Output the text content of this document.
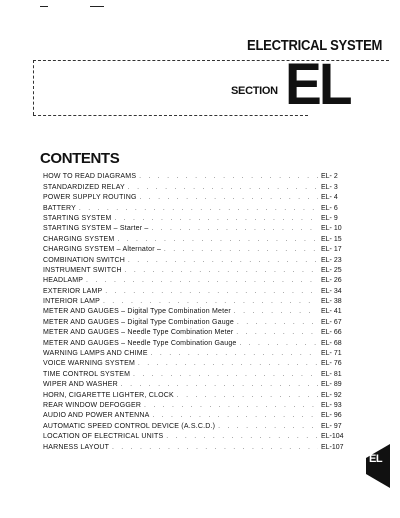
ELECTRICAL SYSTEM
SECTION EL
CONTENTS
HOW TO READ DIAGRAMS . . .	EL- 2
STANDARDIZED RELAY . . .	EL- 3
POWER SUPPLY ROUTING . . .	EL- 4
BATTERY . . .	EL- 6
STARTING SYSTEM . . .	EL- 9
STARTING SYSTEM – Starter – . . .	EL- 10
CHARGING SYSTEM . . .	EL- 15
CHARGING SYSTEM – Alternator – . . .	EL- 17
COMBINATION SWITCH . . .	EL- 23
INSTRUMENT SWITCH . . .	EL- 25
HEADLAMP . . .	EL- 26
EXTERIOR LAMP . . .	EL- 34
INTERIOR LAMP . . .	EL- 38
METER AND GAUGES – Digital Type Combination Meter . . .	EL- 41
METER AND GAUGES – Digital Type Combination Gauge . . .	EL- 67
METER AND GAUGES – Needle Type Combination Meter . . .	EL- 66
METER AND GAUGES – Needle Type Combination Gauge . . .	EL- 68
WARNING LAMPS AND CHIME . . .	EL- 71
VOICE WARNING SYSTEM . . .	EL- 76
TIME CONTROL SYSTEM . . .	EL- 81
WIPER AND WASHER . . .	EL- 89
HORN, CIGARETTE LIGHTER, CLOCK . . .	EL- 92
REAR WINDOW DEFOGGER . . .	EL- 93
AUDIO AND POWER ANTENNA . . .	EL- 96
AUTOMATIC SPEED CONTROL DEVICE (A.S.C.D.) . . .	EL- 97
LOCATION OF ELECTRICAL UNITS . . .	EL-104
HARNESS LAYOUT . . .	EL-107
EL
